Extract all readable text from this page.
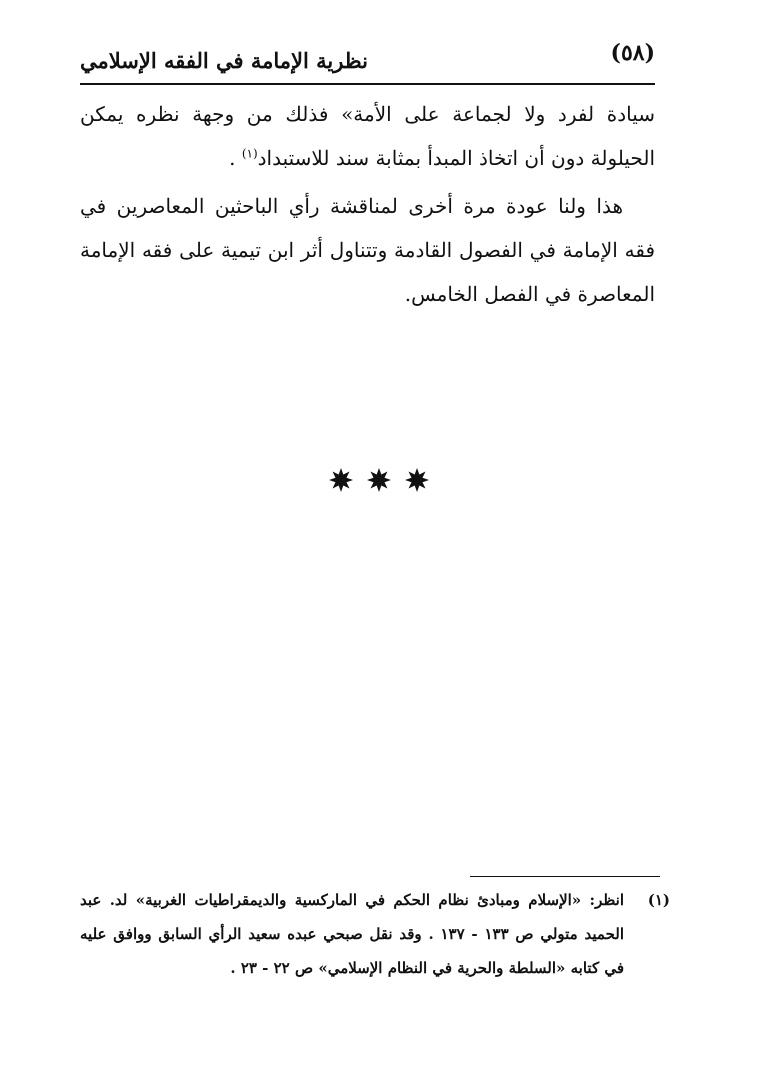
(٥٨)
نظرية الإمامة في الفقه الإسلامي

سيادة لفرد ولا لجماعة على الأمة» فذلك من وجهة نظره يمكن الحيلولة دون أن اتخاذ المبدأ بمثابة سند للاستبداد$^{(١)}$ .

هذا ولنا عودة مرة أخرى لمناقشة رأي الباحثين المعاصرين في فقه الإمامة في الفصول القادمة وتتناول أثر ابن تيمية على فقه الإمامة المعاصرة في الفصل الخامس.

(١)
انظر: «الإسلام ومبادئ نظام الحكم في الماركسية والديمقراطيات الغربية» لد. عبد الحميد متولي ص ١٣٣ - ١٣٧ . وقد نقل صبحي عبده سعيد الرأي السابق ووافق عليه في كتابه «السلطة والحرية في النظام الإسلامي» ص ٢٢ - ٢٣ .
